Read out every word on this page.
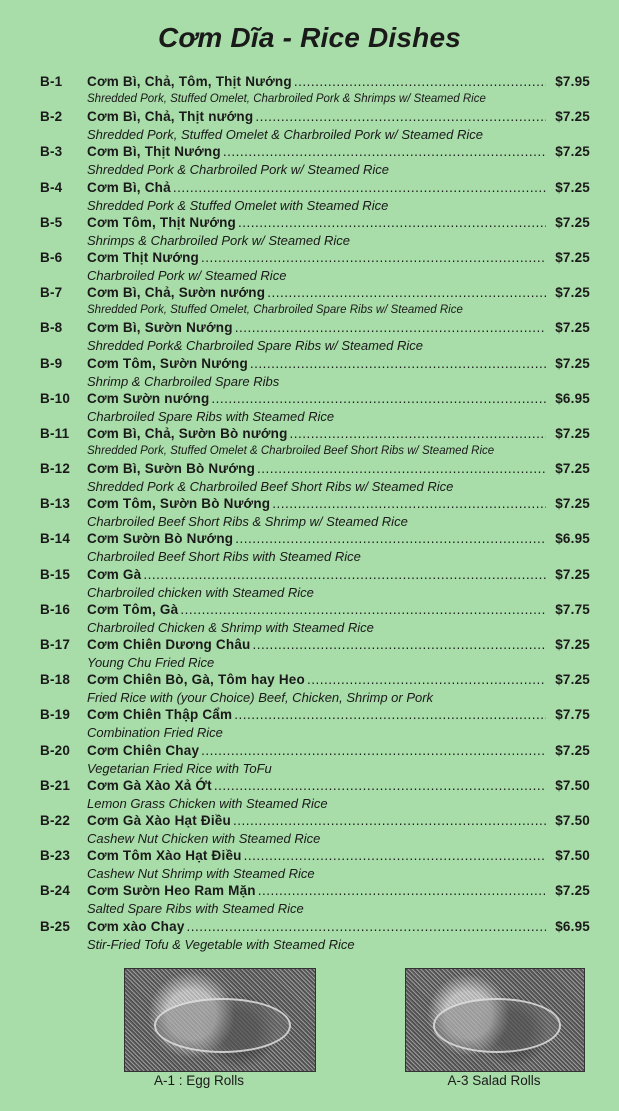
Cơm Dĩa - Rice Dishes
B-1	Cơm Bì, Chả, Tôm, Thịt Nướng .....	$7.95
Shredded Pork, Stuffed Omelet, Charbroiled Pork & Shrimps w/ Steamed Rice
B-2	Cơm Bì, Chả, Thịt nướng .....	$7.25
Shredded Pork, Stuffed Omelet & Charbroiled Pork w/ Steamed Rice
B-3	Cơm Bì, Thịt Nướng .....	$7.25
Shredded Pork & Charbroiled Pork w/ Steamed Rice
B-4	Cơm Bì, Chả .....	$7.25
Shredded Pork & Stuffed Omelet with Steamed Rice
B-5	Cơm Tôm, Thịt Nướng .....	$7.25
Shrimps & Charbroiled Pork w/ Steamed Rice
B-6	Cơm Thịt Nướng .....	$7.25
Charbroiled Pork w/ Steamed Rice
B-7	Cơm Bì, Chả, Sườn nướng .....	$7.25
Shredded Pork, Stuffed Omelet, Charbroiled Spare Ribs w/ Steamed Rice
B-8	Cơm Bì, Sườn Nướng .....	$7.25
Shredded Pork& Charbroiled Spare Ribs w/ Steamed Rice
B-9	Cơm Tôm, Sườn Nướng .....	$7.25
Shrimp & Charbroiled Spare Ribs
B-10	Cơm Sườn nướng .....	$6.95
Charbroiled Spare Ribs with Steamed Rice
B-11	Cơm Bì, Chả, Sườn Bò nướng .....	$7.25
Shredded Pork, Stuffed Omelet & Charbroiled Beef Short Ribs w/ Steamed Rice
B-12	Cơm Bì, Sườn Bò Nướng .....	$7.25
Shredded Pork & Charbroiled Beef Short Ribs w/ Steamed Rice
B-13	Cơm Tôm, Sườn Bò Nướng .....	$7.25
Charbroiled Beef Short Ribs & Shrimp w/ Steamed Rice
B-14	Cơm Sườn Bò Nướng .....	$6.95
Charbroiled Beef Short Ribs with Steamed Rice
B-15	Cơm Gà .....	$7.25
Charbroiled chicken with Steamed Rice
B-16	Cơm Tôm, Gà .....	$7.75
Charbroiled Chicken & Shrimp with Steamed Rice
B-17	Cơm Chiên Dương Châu .....	$7.25
Young Chu Fried Rice
B-18	Cơm Chiên Bò, Gà, Tôm hay Heo .....	$7.25
Fried Rice with (your Choice) Beef, Chicken, Shrimp or Pork
B-19	Cơm Chiên Thập Cẩm .....	$7.75
Combination Fried Rice
B-20	Cơm Chiên Chay .....	$7.25
Vegetarian Fried Rice with ToFu
B-21	Cơm Gà Xào Xả Ớt .....	$7.50
Lemon Grass Chicken with Steamed Rice
B-22	Cơm Gà Xào Hạt Điều .....	$7.50
Cashew Nut Chicken with Steamed Rice
B-23	Cơm Tôm Xào Hạt Điều .....	$7.50
Cashew Nut Shrimp with Steamed Rice
B-24	Cơm Sườn Heo Ram Mặn .....	$7.25
Salted Spare Ribs with Steamed Rice
B-25	Cơm xào Chay .....	$6.95
Stir-Fried Tofu & Vegetable with Steamed Rice
A-1 : Egg Rolls	A-3 Salad Rolls
